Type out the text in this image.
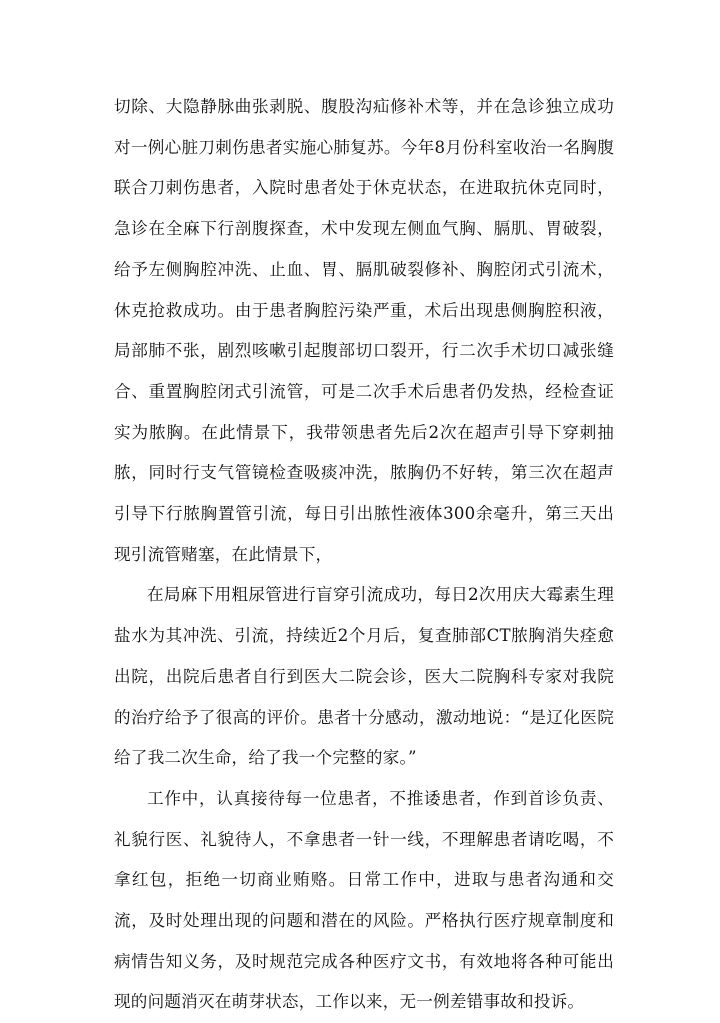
切除、大隐静脉曲张剥脱、腹股沟疝修补术等，并在急诊独立成功对一例心脏刀刺伤患者实施心肺复苏。今年8月份科室收治一名胸腹联合刀刺伤患者，入院时患者处于休克状态，在进取抗休克同时，急诊在全麻下行剖腹探查，术中发现左侧血气胸、膈肌、胃破裂，给予左侧胸腔冲洗、止血、胃、膈肌破裂修补、胸腔闭式引流术，休克抢救成功。由于患者胸腔污染严重，术后出现患侧胸腔积液，局部肺不张，剧烈咳嗽引起腹部切口裂开，行二次手术切口减张缝合、重置胸腔闭式引流管，可是二次手术后患者仍发热，经检查证实为脓胸。在此情景下，我带领患者先后2次在超声引导下穿刺抽脓，同时行支气管镜检查吸痰冲洗，脓胸仍不好转，第三次在超声引导下行脓胸置管引流，每日引出脓性液体300余毫升，第三天出现引流管赌塞，在此情景下，

在局麻下用粗尿管进行盲穿引流成功，每日2次用庆大霉素生理盐水为其冲洗、引流，持续近2个月后，复查肺部CT脓胸消失痊愈出院，出院后患者自行到医大二院会诊，医大二院胸科专家对我院的治疗给予了很高的评价。患者十分感动，激动地说：“是辽化医院给了我二次生命，给了我一个完整的家。”

工作中，认真接待每一位患者，不推诿患者，作到首诊负责、礼貌行医、礼貌待人，不拿患者一针一线，不理解患者请吃喝，不拿红包，拒绝一切商业贿赂。日常工作中，进取与患者沟通和交流，及时处理出现的问题和潜在的风险。严格执行医疗规章制度和病情告知义务，及时规范完成各种医疗文书，有效地将各种可能出现的问题消灭在萌芽状态，工作以来，无一例差错事故和投诉。
